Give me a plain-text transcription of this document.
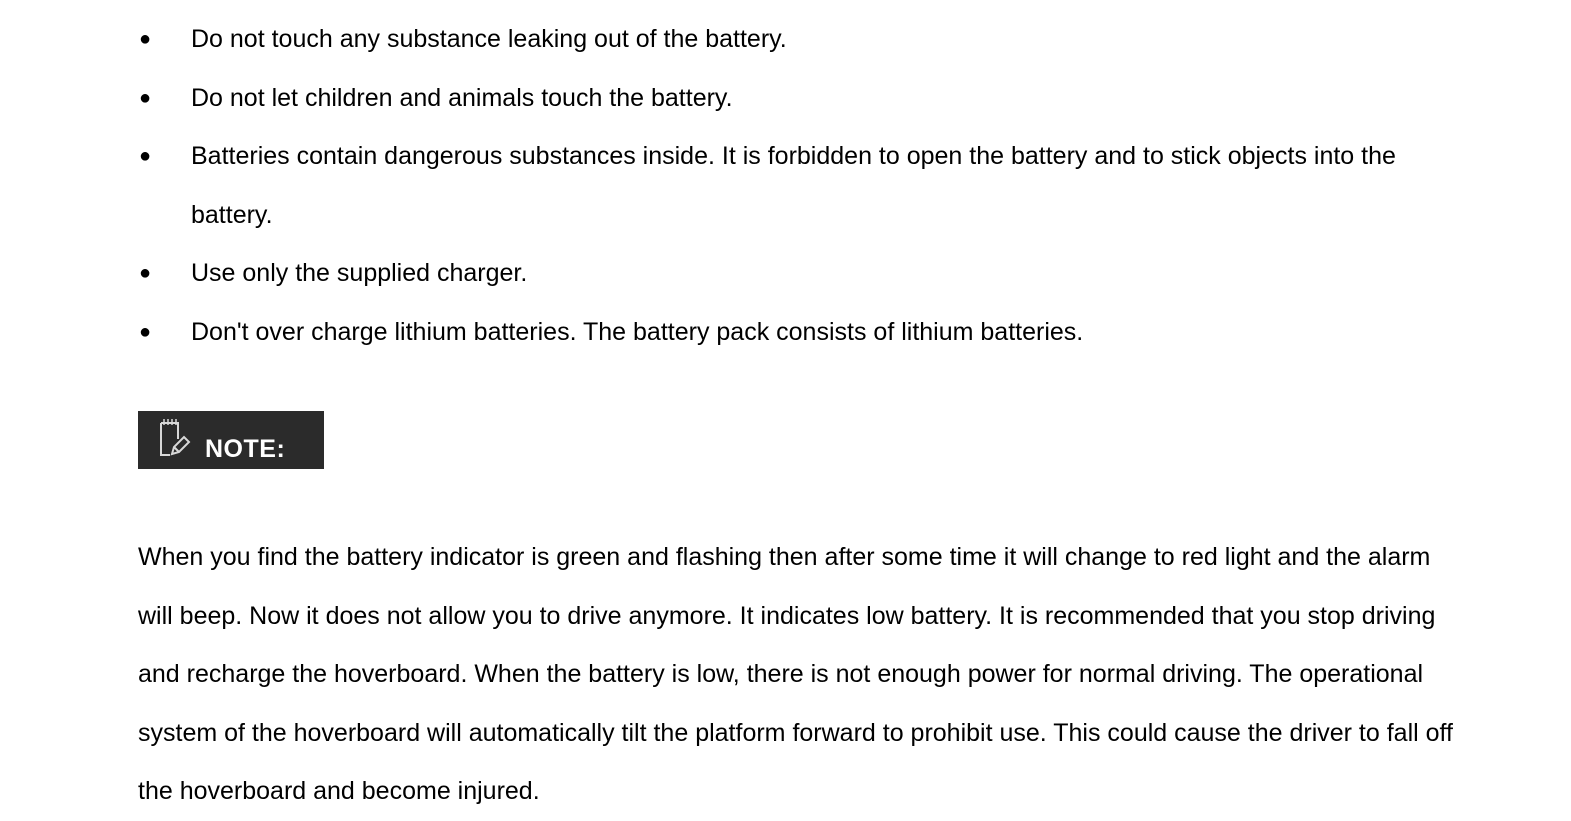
● Do not touch any substance leaking out of the battery.
● Do not let children and animals touch the battery.
● Batteries contain dangerous substances inside. It is forbidden to open the battery and to stick objects into the battery.
● Use only the supplied charger.
● Don't over charge lithium batteries. The battery pack consists of lithium batteries.
NOTE:

When you find the battery indicator is green and flashing then after some time it will change to red light and the alarm will beep. Now it does not allow you to drive anymore. It indicates low battery. It is recommended that you stop driving and recharge the hoverboard. When the battery is low, there is not enough power for normal driving. The operational system of the hoverboard will automatically tilt the platform forward to prohibit use. This could cause the driver to fall off the hoverboard and become injured.
